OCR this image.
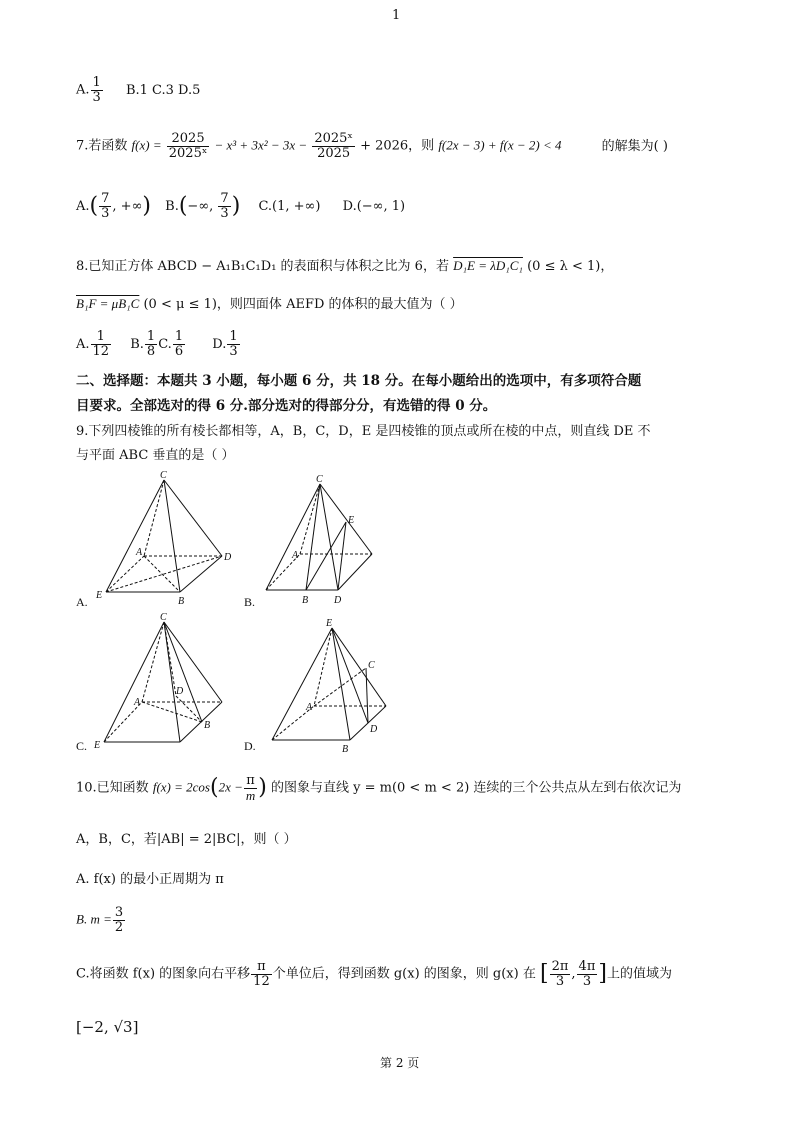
1
A. $\frac{1}{3} B.1$ C.3 D.5
7.若函数 $f(x) = \frac{2025}{\text{2025ˣ}} - x^3 + 3x^2 - 3x - \frac{\text{2025ˣ}}{2025} + 2026$，则 f(2x − 3) + f(x − 2) < 4	的解集为( )
$A.( \frac{7}{3}$ , +∞) B.(−∞, $\frac{7}{3}$ ) C.(1, +∞) D.(−∞, 1)
8.已知正方体 ABCD − A₁B₁C₁D₁ 的表面积与体积之比为 6，若 D₁E = λD₁C₁ (0 ≤ λ < 1)，
B₁F = μB₁C (0 < μ ≤ 1)，则四面体 AEFD 的体积的最大值为（ ）
A. $\frac{1}{12} B$. $\frac{1}{8} C$. $\frac{1}{6} D$. $\frac{1}{3}$
二、选择题：本题共 3 小题，每小题 6 分，共 18 分。在每小题给出的选项中，有多项符合题
目要求。全部选对的得 6 分.部分选对的得部分分，有选错的得 0 分。
9.下列四棱锥的所有棱长都相等，A，B，C，D，E 是四棱锥的顶点或所在棱的中点，则直线 DE 不
与平面 ABC 垂直的是（ ）
C
A	D
E
B
A.
C
E
A
B	D
B.
C
A
D
B
E
C.
E
C
A
D
B
D.
10.已知函数 $f(x) = 2\cos(2x - \frac{\pi}{m}$ ) 的图象与直线 y = m(0 < m < 2) 连续的三个公共点从左到右依次记为
A，B，C，若|AB| = 2|BC|，则（ ）
A. f(x) 的最小正周期为 π
B. $m = \frac{3}{2}$
C.将函数 f(x) 的图象向右平移 $\frac{\pi}{12}$ 个单位后，得到函数 g(x) 的图象，则 g(x) 在 [ $\frac{2\pi}{3}$ , $\frac{4\pi}{3}$ ]上的值域为
[−2, √3]
第 2 页
